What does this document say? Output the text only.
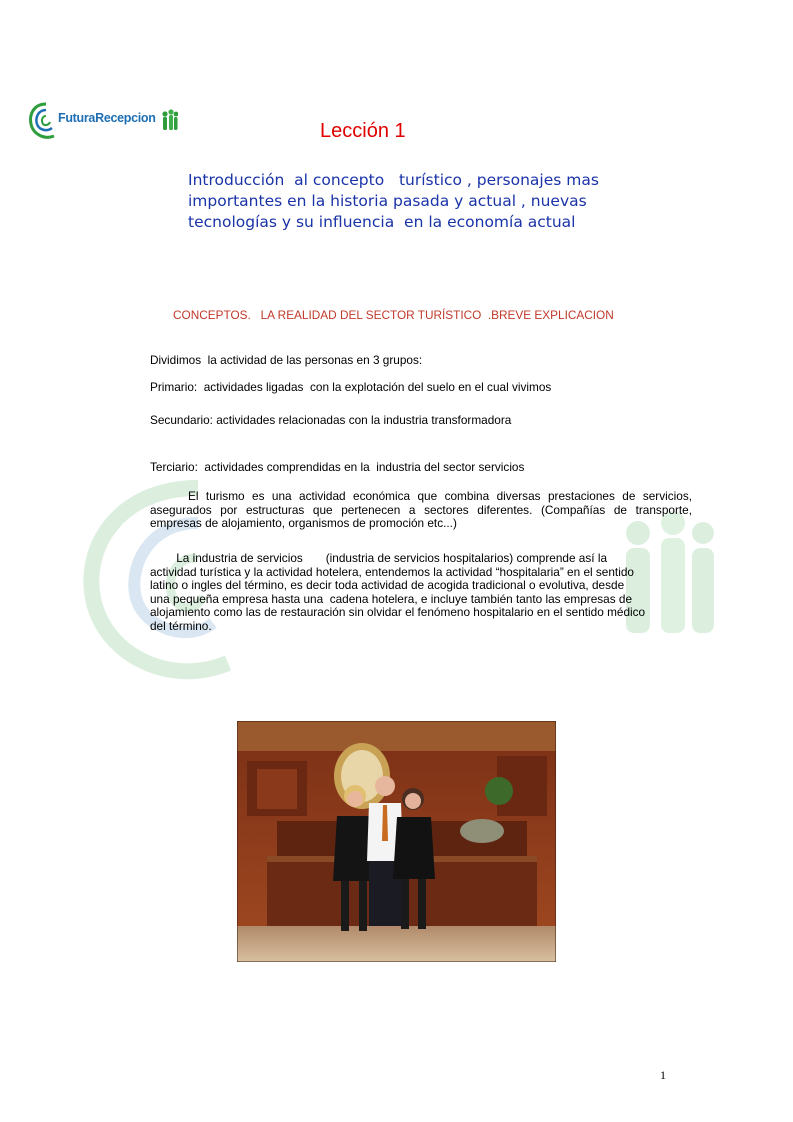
FuturaRecepcion
Lección 1
Introducción  al concepto   turístico , personajes mas
importantes en la historia pasada y actual , nuevas
tecnologías y su influencia  en la economía actual
CONCEPTOS.   LA REALIDAD DEL SECTOR TURÍSTICO  .BREVE EXPLICACION
Dividimos  la actividad de las personas en 3 grupos:
Primario:  actividades ligadas  con la explotación del suelo en el cual vivimos
Secundario: actividades relacionadas con la industria transformadora
Terciario:  actividades comprendidas en la  industria del sector servicios
El turismo es una actividad económica que combina diversas prestaciones de servicios, asegurados por estructuras que pertenecen a sectores diferentes. (Compañías de transporte, empresas de alojamiento, organismos de promoción etc...)
La industria de servicios       (industria de servicios hospitalarios) comprende así la
actividad turística y la actividad hotelera, entendemos la actividad “hospitalaria” en el sentido
latino o ingles del término, es decir toda actividad de acogida tradicional o evolutiva, desde
una pequeña empresa hasta una  cadena hotelera, e incluye también tanto las empresas de
alojamiento como las de restauración sin olvidar el fenómeno hospitalario en el sentido médico
del término.
1
